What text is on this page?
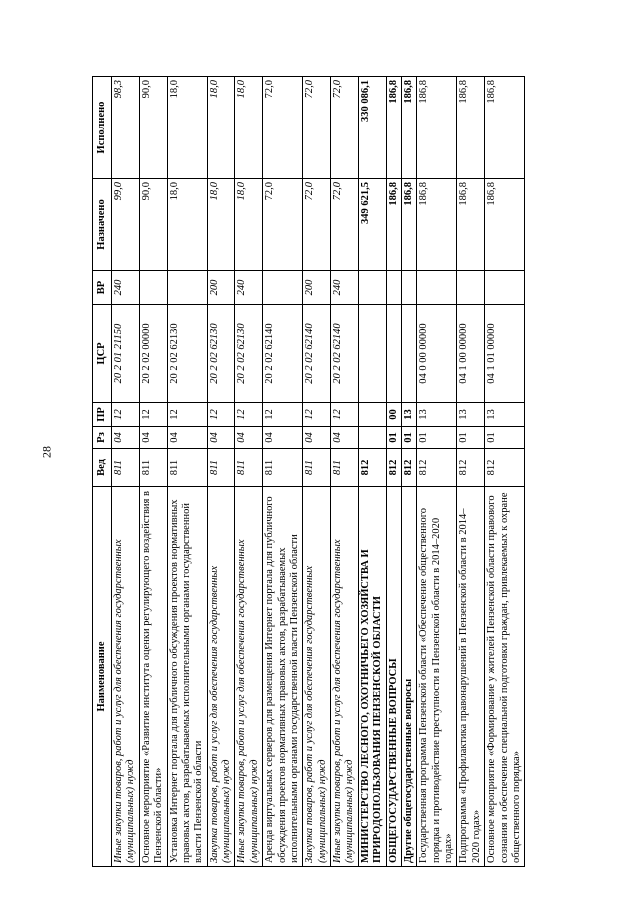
28
Наименование	Вед	Рз	ПР	ЦСР	ВР	Назначено	Исполнено
Иные закупки товаров, работ и услуг для обеспечения государственных (муниципальных) нужд	811	04	12	20 2 01 21150	240	99,0	98,3
Основное мероприятие «Развитие института оценки регулирующего воздействия в Пензенской области»	811	04	12	20 2 02 00000		90,0	90,0
Установка Интернет портала для публичного обсуждения проектов нормативных правовых актов, разрабатываемых исполнительными органами государственной власти Пензенской области	811	04	12	20 2 02 62130		18,0	18,0
Закупка товаров, работ и услуг для обеспечения государственных (муниципальных) нужд	811	04	12	20 2 02 62130	200	18,0	18,0
Иные закупки товаров, работ и услуг для обеспечения государственных (муниципальных) нужд	811	04	12	20 2 02 62130	240	18,0	18,0
Аренда виртуальных серверов для размещения Интернет портала для публичного обсуждения проектов нормативных правовых актов, разрабатываемых исполнительными органами государственной власти Пензенской области	811	04	12	20 2 02 62140		72,0	72,0
Закупка товаров, работ и услуг для обеспечения государственных (муниципальных) нужд	811	04	12	20 2 02 62140	200	72,0	72,0
Иные закупки товаров, работ и услуг для обеспечения государственных (муниципальных) нужд	811	04	12	20 2 02 62140	240	72,0	72,0
МИНИСТЕРСТВО ЛЕСНОГО, ОХОТНИЧЬЕГО ХОЗЯЙСТВА И ПРИРОДОПОЛЬЗОВАНИЯ ПЕНЗЕНСКОЙ ОБЛАСТИ	812					349 621,5	330 086,1
ОБЩЕГОСУДАРСТВЕННЫЕ ВОПРОСЫ	812	01	00			186,8	186,8
Другие общегосударственные вопросы	812	01	13			186,8	186,8
Государственная программа Пензенской области «Обеспечение общественного порядка и противодействие преступности в Пензенской области в 2014–2020 годах»	812	01	13	04 0 00 00000		186,8	186,8
Подпрограмма «Профилактика правонарушений в Пензенской области в 2014–2020 годах»	812	01	13	04 1 00 00000		186,8	186,8
Основное мероприятие «Формирование у жителей Пензенской области правового сознания и обеспечение специальной подготовки граждан, привлекаемых к охране общественного порядка»	812	01	13	04 1 01 00000		186,8	186,8
